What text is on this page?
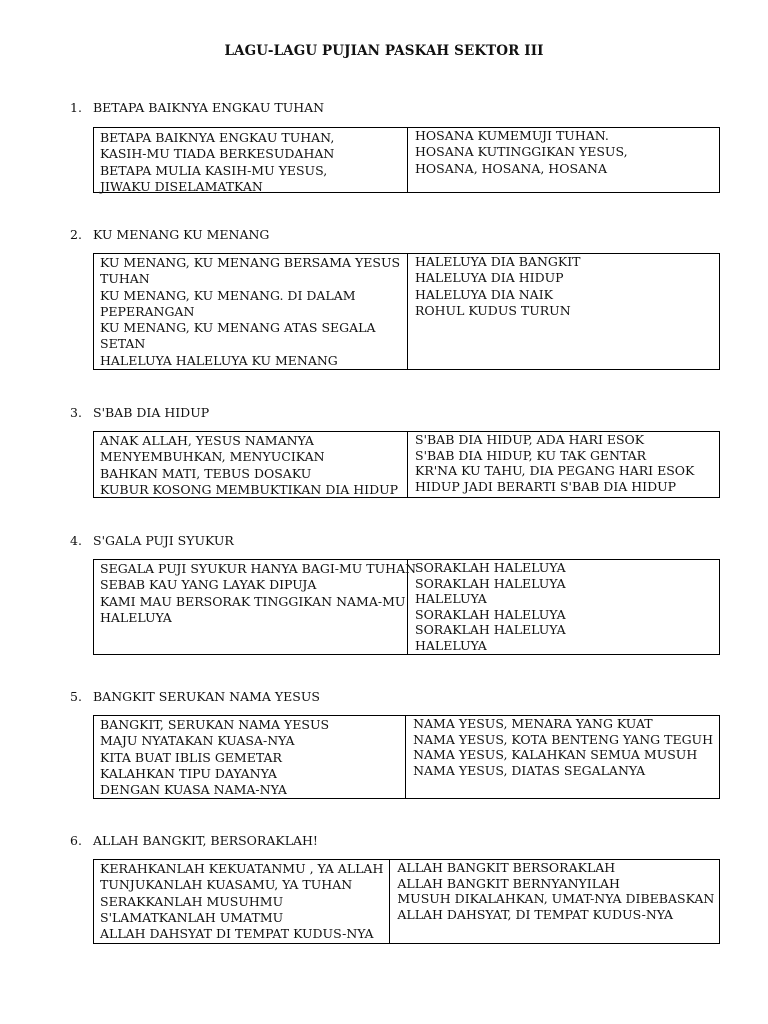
LAGU-LAGU PUJIAN PASKAH SEKTOR III
1. BETAPA BAIKNYA ENGKAU TUHAN
BETAPA BAIKNYA ENGKAU TUHAN,
KASIH-MU TIADA BERKESUDAHAN
BETAPA MULIA KASIH-MU YESUS,
JIWAKU DISELAMATKAN
HOSANA KUMEMUJI TUHAN.
HOSANA KUTINGGIKAN YESUS,
HOSANA, HOSANA, HOSANA
2. KU MENANG KU MENANG
KU MENANG, KU MENANG BERSAMA YESUS TUHAN
KU MENANG, KU MENANG. DI DALAM PEPERANGAN
KU MENANG, KU MENANG ATAS SEGALA SETAN
HALELUYA HALELUYA KU MENANG
HALELUYA DIA BANGKIT
HALELUYA DIA HIDUP
HALELUYA DIA NAIK
ROHUL KUDUS TURUN
3. S'BAB DIA HIDUP
ANAK ALLAH, YESUS NAMANYA
MENYEMBUHKAN, MENYUCIKAN
BAHKAN MATI, TEBUS DOSAKU
KUBUR KOSONG MEMBUKTIKAN DIA HIDUP
S'BAB DIA HIDUP, ADA HARI ESOK
S'BAB DIA HIDUP, KU TAK GENTAR
KR'NA KU TAHU, DIA PEGANG HARI ESOK
HIDUP JADI BERARTI S'BAB DIA HIDUP
4. S'GALA PUJI SYUKUR
SEGALA PUJI SYUKUR HANYA BAGI-MU TUHAN
SEBAB KAU YANG LAYAK DIPUJA
KAMI MAU BERSORAK TINGGIKAN NAMA-MU
HALELUYA
SORAKLAH HALELUYA
SORAKLAH HALELUYA
HALELUYA
SORAKLAH HALELUYA
SORAKLAH HALELUYA
HALELUYA
5. BANGKIT SERUKAN NAMA YESUS
BANGKIT, SERUKAN NAMA YESUS
MAJU NYATAKAN KUASA-NYA
KITA BUAT IBLIS GEMETAR
KALAHKAN TIPU DAYANYA
DENGAN KUASA NAMA-NYA
NAMA YESUS, MENARA YANG KUAT
NAMA YESUS, KOTA BENTENG YANG TEGUH
NAMA YESUS, KALAHKAN SEMUA MUSUH
NAMA YESUS, DIATAS SEGALANYA
6. ALLAH BANGKIT, BERSORAKLAH!
KERAHKANLAH KEKUATANMU , YA ALLAH
TUNJUKANLAH KUASAMU, YA TUHAN
SERAKKANLAH MUSUHMU
S'LAMATKANLAH UMATMU
ALLAH DAHSYAT DI TEMPAT KUDUS-NYA
ALLAH BANGKIT BERSORAKLAH
ALLAH BANGKIT BERNYANYILAH
MUSUH DIKALAHKAN, UMAT-NYA DIBEBASKAN
ALLAH DAHSYAT, DI TEMPAT KUDUS-NYA
